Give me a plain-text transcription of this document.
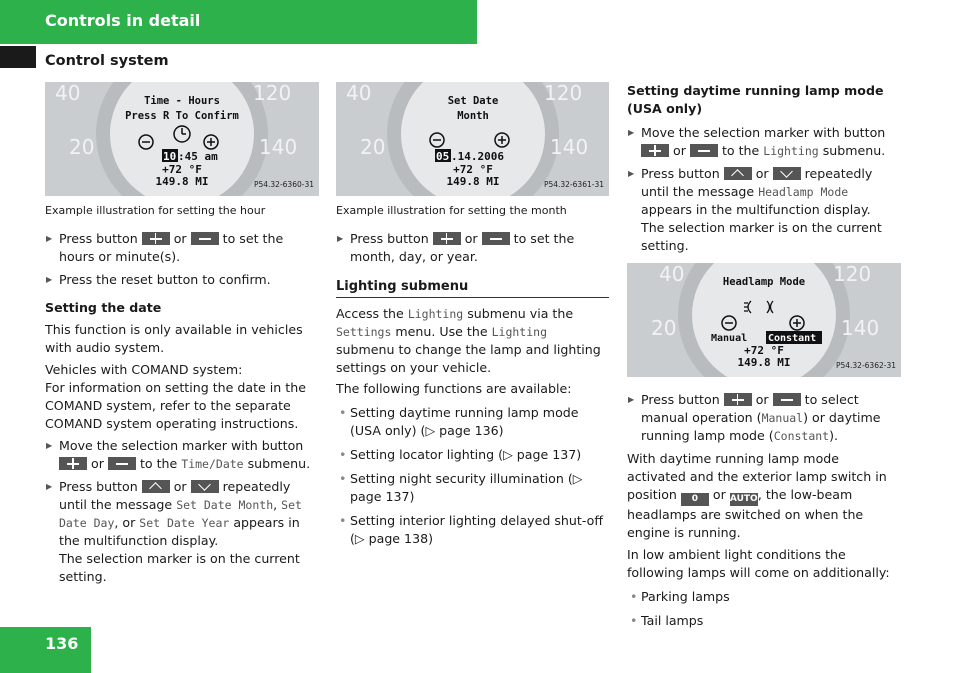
Controls in detail
Control system
40
20
120
140
Time - Hours
Press R To Confirm
10 :45 am
+72 °F
149.8 MI	P54.32-6360-31
Example illustration for setting the hour
▶ Press button	or	to set the hours or minute(s).
▶ Press the reset button to confirm.
Setting the date

This function is only available in vehicles with audio system.

Vehicles with COMAND system:
For information on setting the date in the COMAND system, refer to the separate COMAND system operating instructions.

▶ Move the selection marker with button  or	to the Time/Date submenu.
▶ Press button	or	repeatedly until the message Set Date Month, Set Date Day, or Set Date Year appears in the multifunction display.
The selection marker is on the current setting.
40
20
120
140
Set Date
Month
05 .14.2006
+72 °F
149.8 MI	P54.32-6361-31
Example illustration for setting the month
▶ Press button	or	to set the month, day, or year.
Lighting submenu

Access the Lighting submenu via the Settings menu. Use the Lighting submenu to change the lamp and lighting settings on your vehicle.

The following functions are available:

• Setting daytime running lamp mode (USA only) (▷ page 136)
• Setting locator lighting (▷ page 137)
• Setting night security illumination (▷ page 137)
• Setting interior lighting delayed shut-off (▷ page 138)
Setting daytime running lamp mode (USA only)
▶ Move the selection marker with button  or	to the Lighting submenu.
▶ Press button	or	repeatedly until the message Headlamp Mode appears in the multifunction display.
The selection marker is on the current setting.
40
20
120
140
Headlamp Mode
Manual Constant
+72 °F
149.8 MI	P54.32-6362-31
▶ Press button	or	to select manual operation (Manual) or daytime running lamp mode (Constant).

With daytime running lamp mode activated and the exterior lamp switch in position 0 or AUTO, the low-beam headlamps are switched on when the engine is running.

In low ambient light conditions the following lamps will come on additionally:

• Parking lamps
• Tail lamps
136
